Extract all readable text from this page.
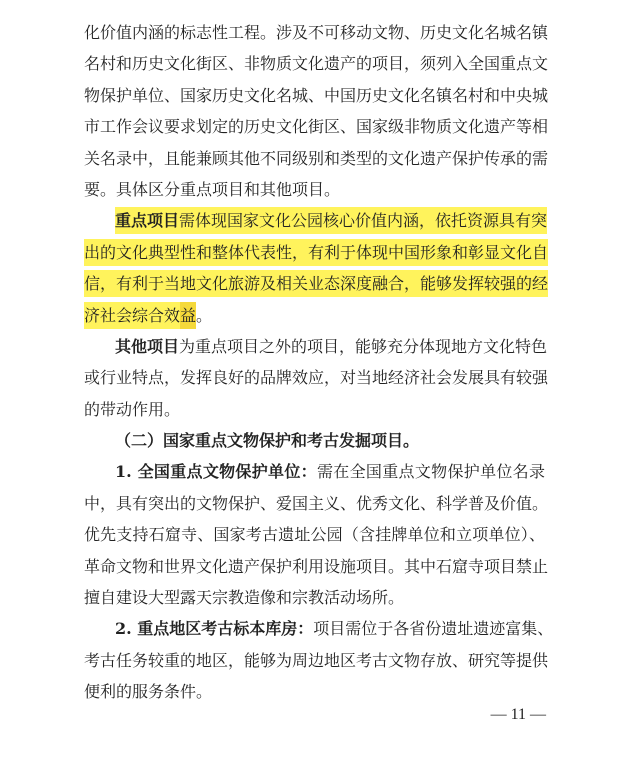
化价值内涵的标志性工程。涉及不可移动文物、历史文化名城名镇
名村和历史文化街区、非物质文化遗产的项目，须列入全国重点文
物保护单位、国家历史文化名城、中国历史文化名镇名村和中央城
市工作会议要求划定的历史文化街区、国家级非物质文化遗产等相
关名录中，且能兼顾其他不同级别和类型的文化遗产保护传承的需
要。具体区分重点项目和其他项目。
重点项目需体现国家文化公园核心价值内涵，依托资源具有突
出的文化典型性和整体代表性，有利于体现中国形象和彰显文化自
信，有利于当地文化旅游及相关业态深度融合，能够发挥较强的经
济社会综合效益。
其他项目为重点项目之外的项目，能够充分体现地方文化特色
或行业特点，发挥良好的品牌效应，对当地经济社会发展具有较强
的带动作用。
（二）国家重点文物保护和考古发掘项目。
1. 全国重点文物保护单位：需在全国重点文物保护单位名录
中，具有突出的文物保护、爱国主义、优秀文化、科学普及价值。
优先支持石窟寺、国家考古遗址公园（含挂牌单位和立项单位）、
革命文物和世界文化遗产保护利用设施项目。其中石窟寺项目禁止
擅自建设大型露天宗教造像和宗教活动场所。
2. 重点地区考古标本库房：项目需位于各省份遗址遗迹富集、
考古任务较重的地区，能够为周边地区考古文物存放、研究等提供
便利的服务条件。
— 11 —
